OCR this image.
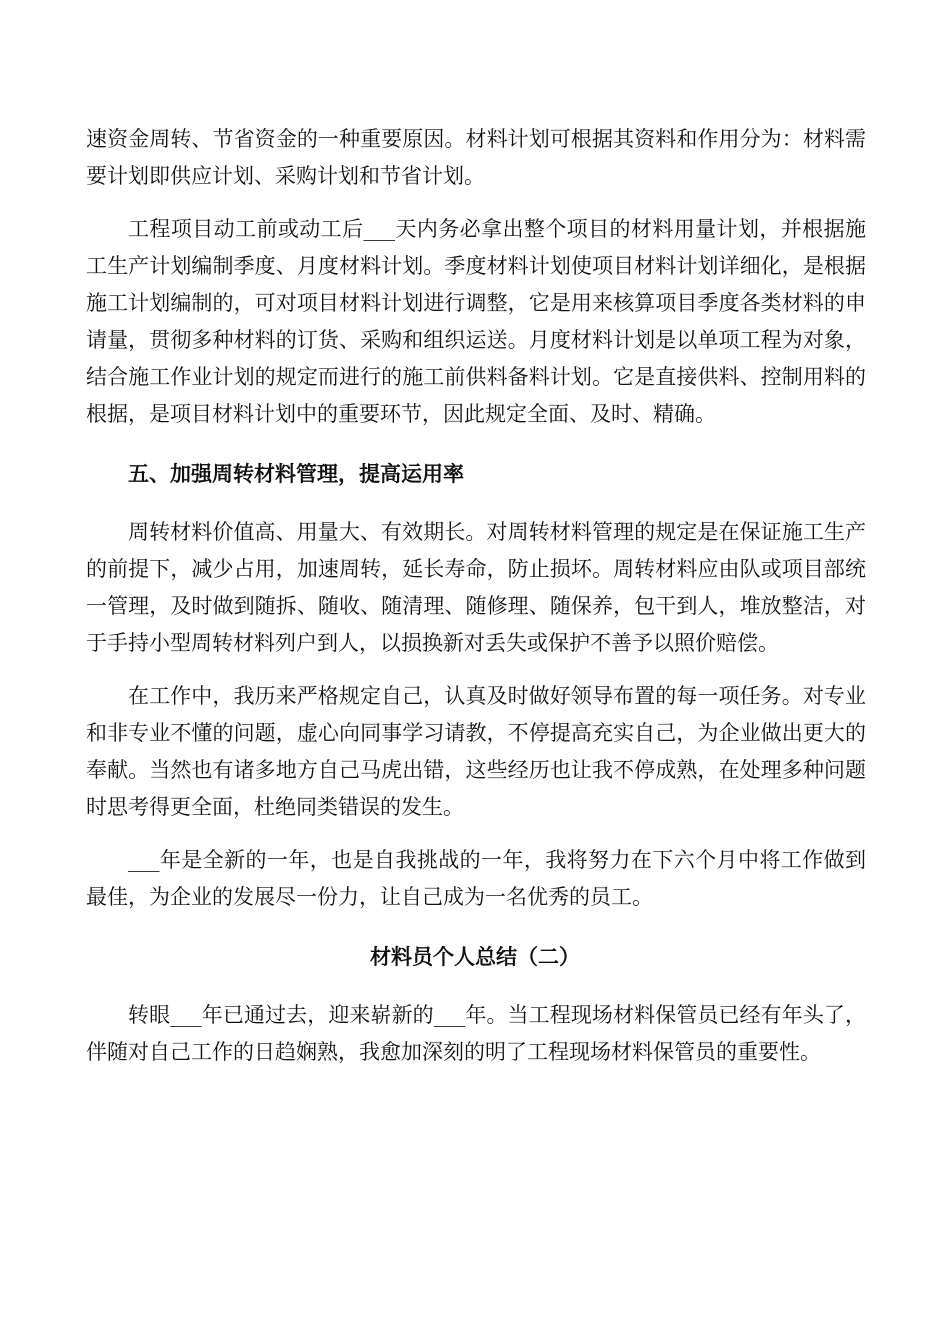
速资金周转、节省资金的一种重要原因。材料计划可根据其资料和作用分为：材料需要计划即供应计划、采购计划和节省计划。

工程项目动工前或动工后___天内务必拿出整个项目的材料用量计划，并根据施工生产计划编制季度、月度材料计划。季度材料计划使项目材料计划详细化，是根据施工计划编制的，可对项目材料计划进行调整，它是用来核算项目季度各类材料的申请量，贯彻多种材料的订货、采购和组织运送。月度材料计划是以单项工程为对象，结合施工作业计划的规定而进行的施工前供料备料计划。它是直接供料、控制用料的根据，是项目材料计划中的重要环节，因此规定全面、及时、精确。

五、加强周转材料管理，提高运用率

周转材料价值高、用量大、有效期长。对周转材料管理的规定是在保证施工生产的前提下，减少占用，加速周转，延长寿命，防止损坏。周转材料应由队或项目部统一管理，及时做到随拆、随收、随清理、随修理、随保养，包干到人，堆放整洁，对于手持小型周转材料列户到人，以损换新对丢失或保护不善予以照价赔偿。

在工作中，我历来严格规定自己，认真及时做好领导布置的每一项任务。对专业和非专业不懂的问题，虚心向同事学习请教，不停提高充实自己，为企业做出更大的奉献。当然也有诸多地方自己马虎出错，这些经历也让我不停成熟，在处理多种问题时思考得更全面，杜绝同类错误的发生。

___年是全新的一年，也是自我挑战的一年，我将努力在下六个月中将工作做到最佳，为企业的发展尽一份力，让自己成为一名优秀的员工。

材料员个人总结（二）

转眼___年已通过去，迎来崭新的___年。当工程现场材料保管员已经有年头了，伴随对自己工作的日趋娴熟，我愈加深刻的明了工程现场材料保管员的重要性。
